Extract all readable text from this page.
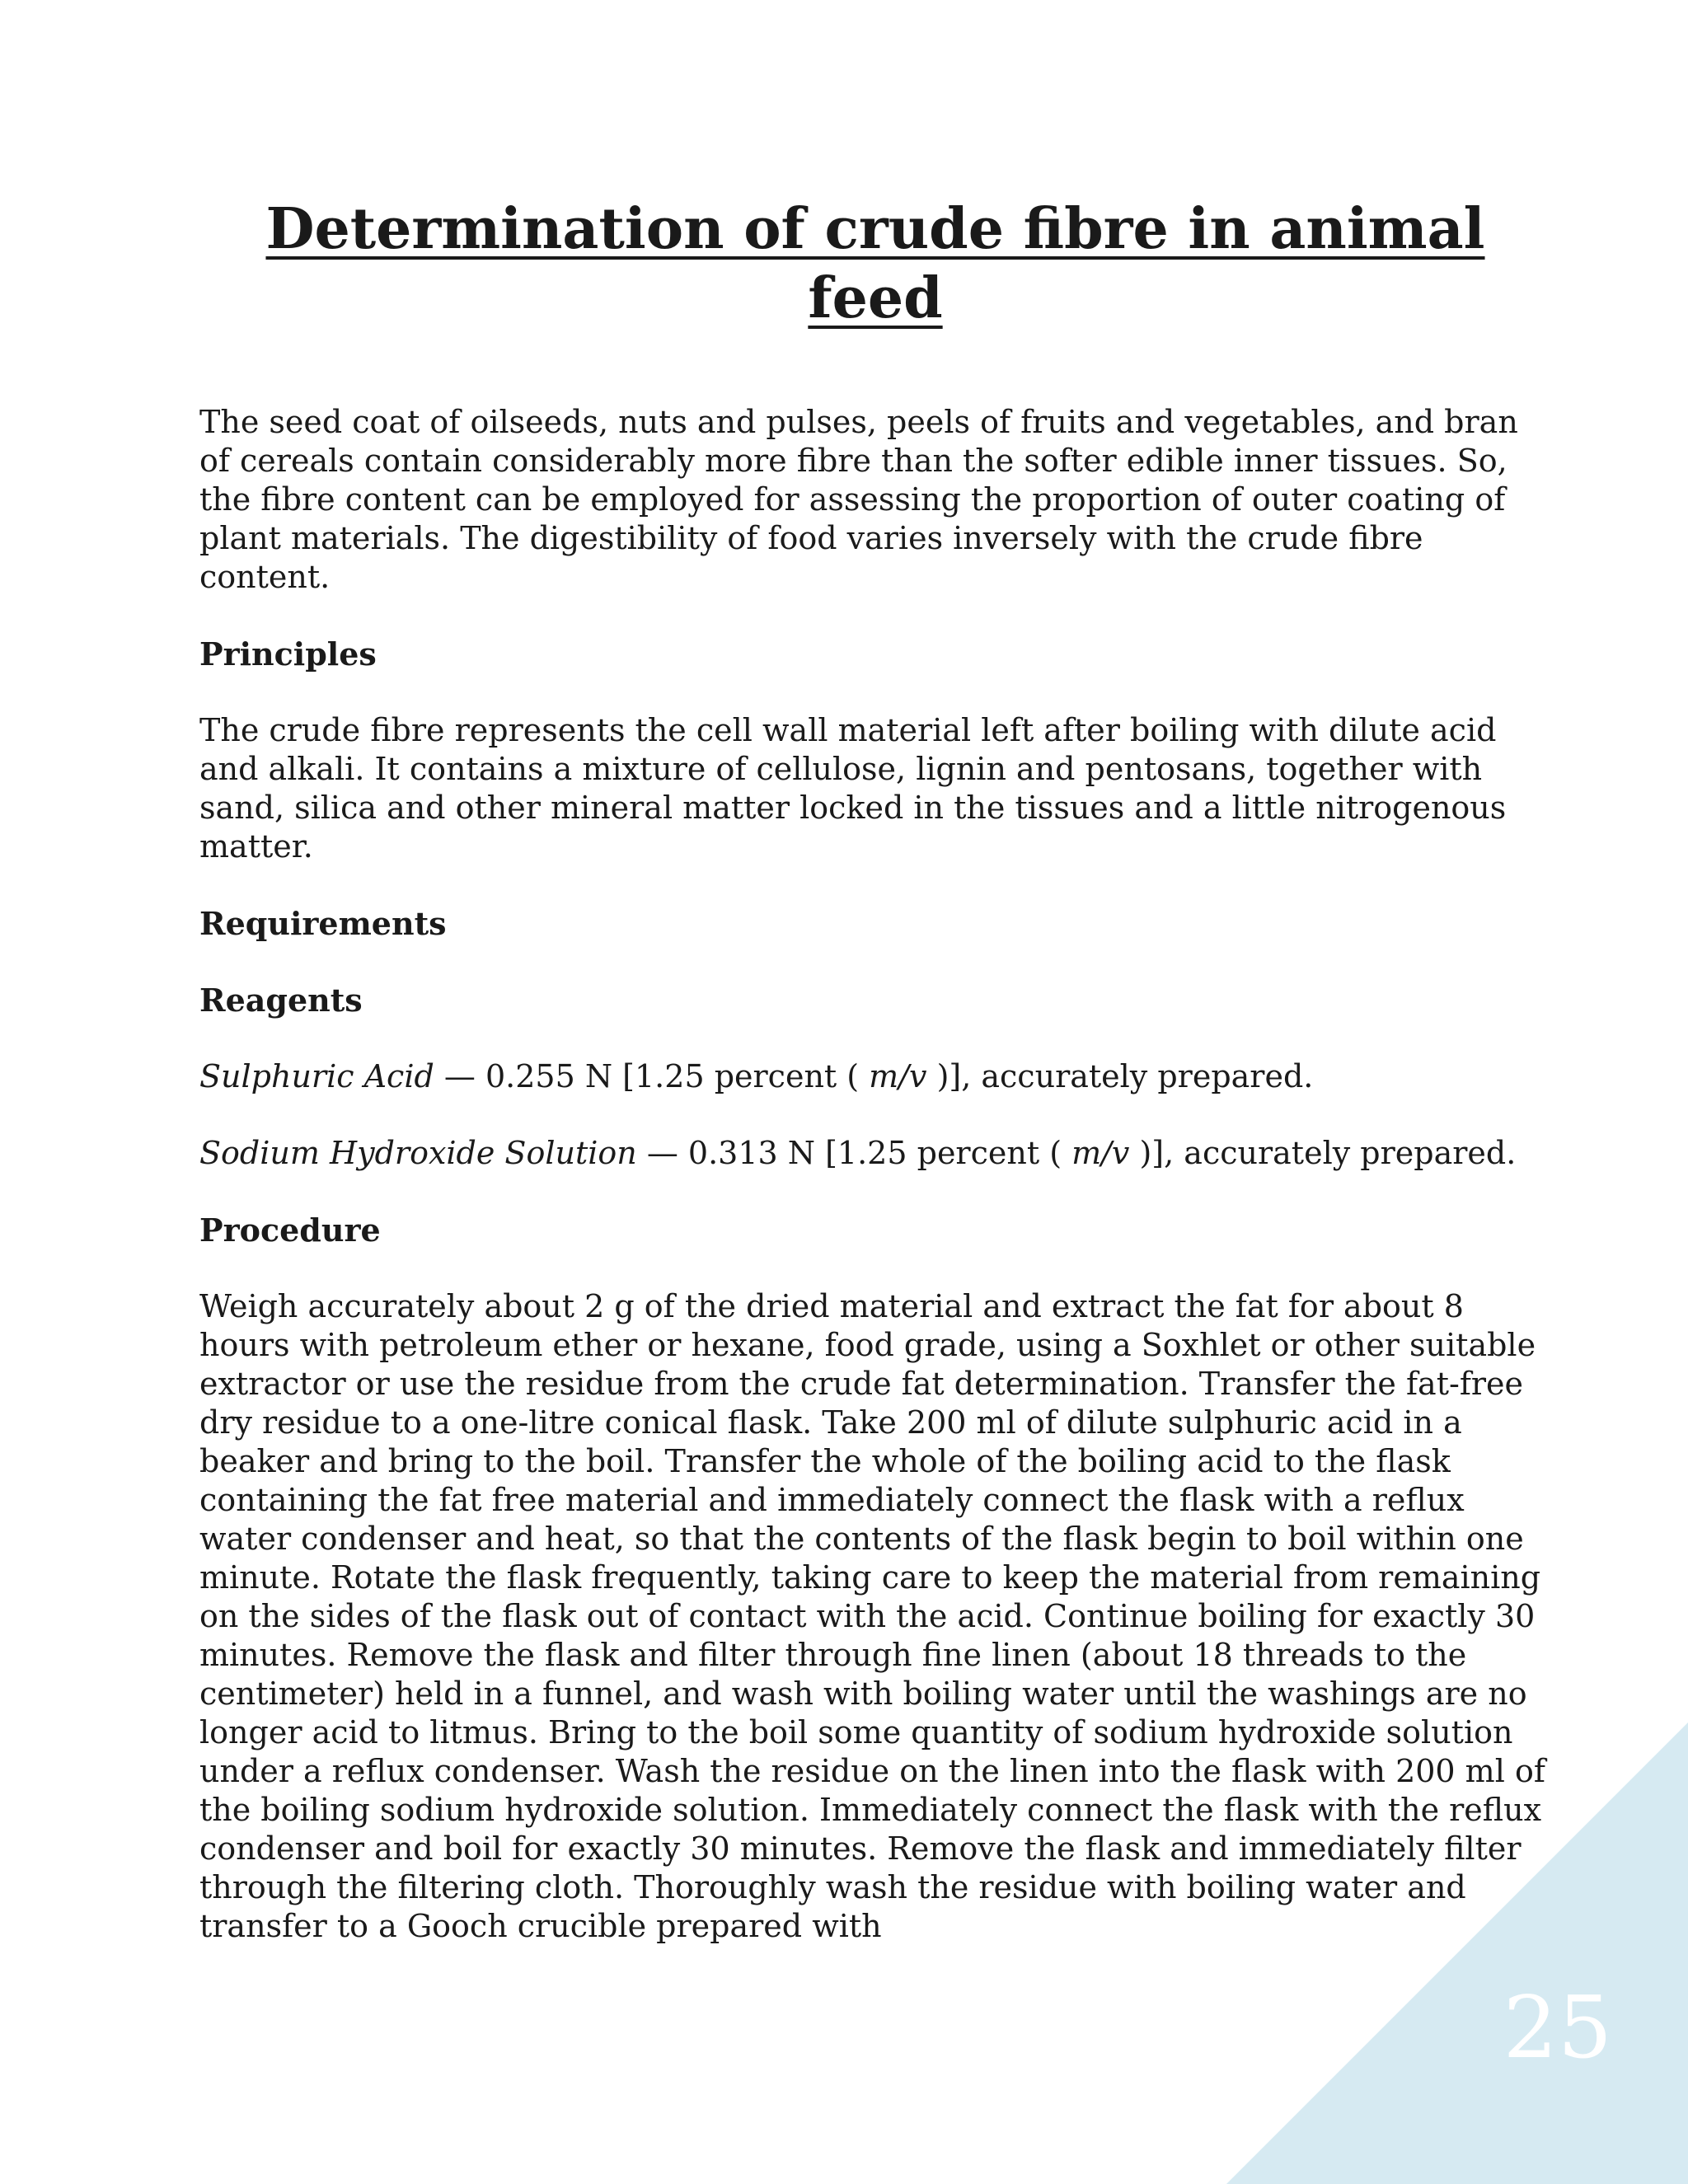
25
Determination of crude fibre in animal feed

The seed coat of oilseeds, nuts and pulses, peels of fruits and vegetables, and bran of cereals contain considerably more fibre than the softer edible inner tissues. So, the fibre content can be employed for assessing the proportion of outer coating of plant materials. The digestibility of food varies inversely with the crude fibre content.

Principles

The crude fibre represents the cell wall material left after boiling with dilute acid and alkali. It contains a mixture of cellulose, lignin and pentosans, together with sand, silica and other mineral matter locked in the tissues and a little nitrogenous matter.

Requirements
Reagents

Sulphuric Acid — 0.255 N [1.25 percent ( m/v )], accurately prepared.

Sodium Hydroxide Solution — 0.313 N [1.25 percent ( m/v )], accurately prepared.

Procedure

Weigh accurately about 2 g of the dried material and extract the fat for about 8 hours with petroleum ether or hexane, food grade, using a Soxhlet or other suitable extractor or use the residue from the crude fat determination. Transfer the fat-free dry residue to a one-litre conical flask. Take 200 ml of dilute sulphuric acid in a beaker and bring to the boil. Transfer the whole of the boiling acid to the flask containing the fat free material and immediately connect the flask with a reflux water condenser and heat, so that the contents of the flask begin to boil within one minute. Rotate the flask frequently, taking care to keep the material from remaining on the sides of the flask out of contact with the acid. Continue boiling for exactly 30 minutes. Remove the flask and filter through fine linen (about 18 threads to the centimeter) held in a funnel, and wash with boiling water until the washings are no longer acid to litmus. Bring to the boil some quantity of sodium hydroxide solution under a reflux condenser. Wash the residue on the linen into the flask with 200 ml of the boiling sodium hydroxide solution. Immediately connect the flask with the reflux condenser and boil for exactly 30 minutes. Remove the flask and immediately filter through the filtering cloth. Thoroughly wash the residue with boiling water and transfer to a Gooch crucible prepared with
